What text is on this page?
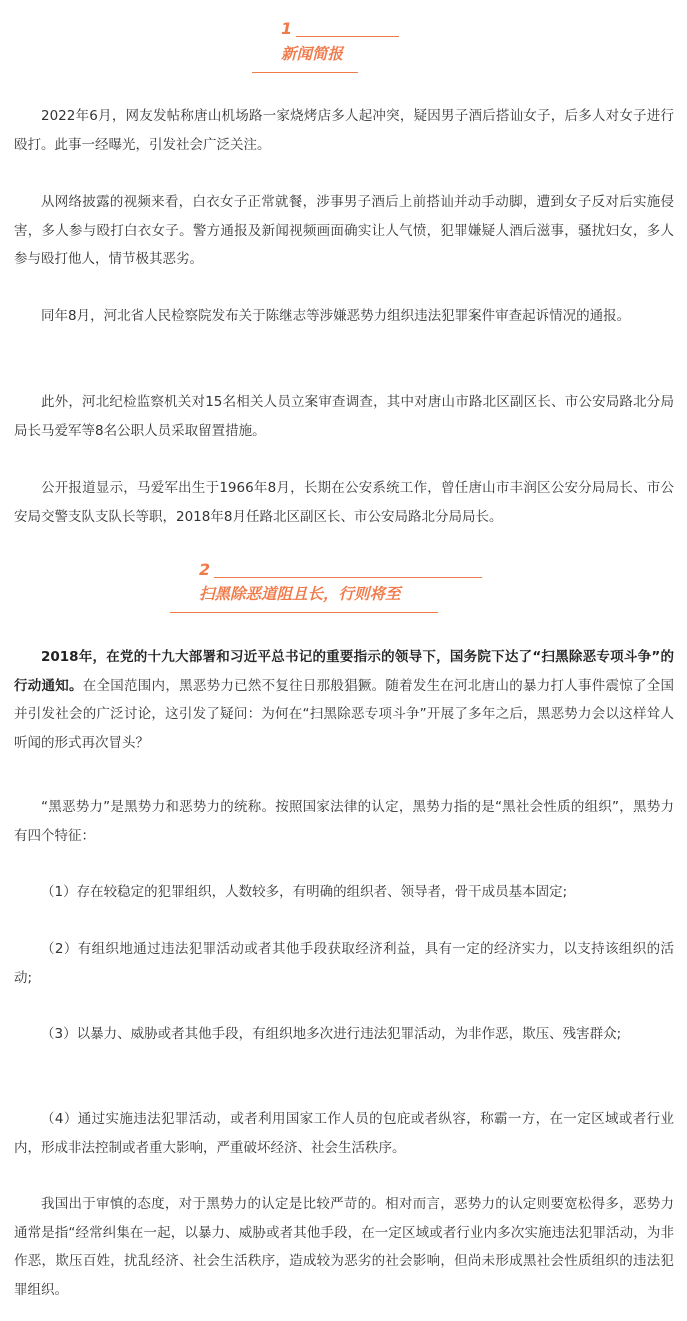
1
新闻简报

2022年6月，网友发帖称唐山机场路一家烧烤店多人起冲突，疑因男子酒后搭讪女子，后多人对女子进行殴打。此事一经曝光，引发社会广泛关注。

从网络披露的视频来看，白衣女子正常就餐，涉事男子酒后上前搭讪并动手动脚，遭到女子反对后实施侵害，多人参与殴打白衣女子。警方通报及新闻视频画面确实让人气愤，犯罪嫌疑人酒后滋事，骚扰妇女，多人参与殴打他人，情节极其恶劣。

同年8月，河北省人民检察院发布关于陈继志等涉嫌恶势力组织违法犯罪案件审查起诉情况的通报。

此外，河北纪检监察机关对15名相关人员立案审查调查，其中对唐山市路北区副区长、市公安局路北分局局长马爱军等8名公职人员采取留置措施。

公开报道显示，马爱军出生于1966年8月，长期在公安系统工作，曾任唐山市丰润区公安分局局长、市公安局交警支队支队长等职，2018年8月任路北区副区长、市公安局路北分局局长。

2
扫黑除恶道阻且长，行则将至

2018年，在党的十九大部署和习近平总书记的重要指示的领导下，国务院下达了“扫黑除恶专项斗争”的行动通知。在全国范围内，黑恶势力已然不复往日那般猖獗。随着发生在河北唐山的暴力打人事件震惊了全国并引发社会的广泛讨论，这引发了疑问：为何在“扫黑除恶专项斗争”开展了多年之后，黑恶势力会以这样耸人听闻的形式再次冒头？

“黑恶势力”是黑势力和恶势力的统称。按照国家法律的认定，黑势力指的是“黑社会性质的组织”，黑势力有四个特征：

（1）存在较稳定的犯罪组织，人数较多，有明确的组织者、领导者，骨干成员基本固定;

（2）有组织地通过违法犯罪活动或者其他手段获取经济利益，具有一定的经济实力，以支持该组织的活动;

（3）以暴力、威胁或者其他手段，有组织地多次进行违法犯罪活动，为非作恶，欺压、残害群众;

（4）通过实施违法犯罪活动，或者利用国家工作人员的包庇或者纵容，称霸一方，在一定区域或者行业内，形成非法控制或者重大影响，严重破坏经济、社会生活秩序。

我国出于审慎的态度，对于黑势力的认定是比较严苛的。相对而言，恶势力的认定则要宽松得多，恶势力通常是指“经常纠集在一起，以暴力、威胁或者其他手段，在一定区域或者行业内多次实施违法犯罪活动，为非作恶，欺压百姓，扰乱经济、社会生活秩序，造成较为恶劣的社会影响，但尚未形成黑社会性质组织的违法犯罪组织。
